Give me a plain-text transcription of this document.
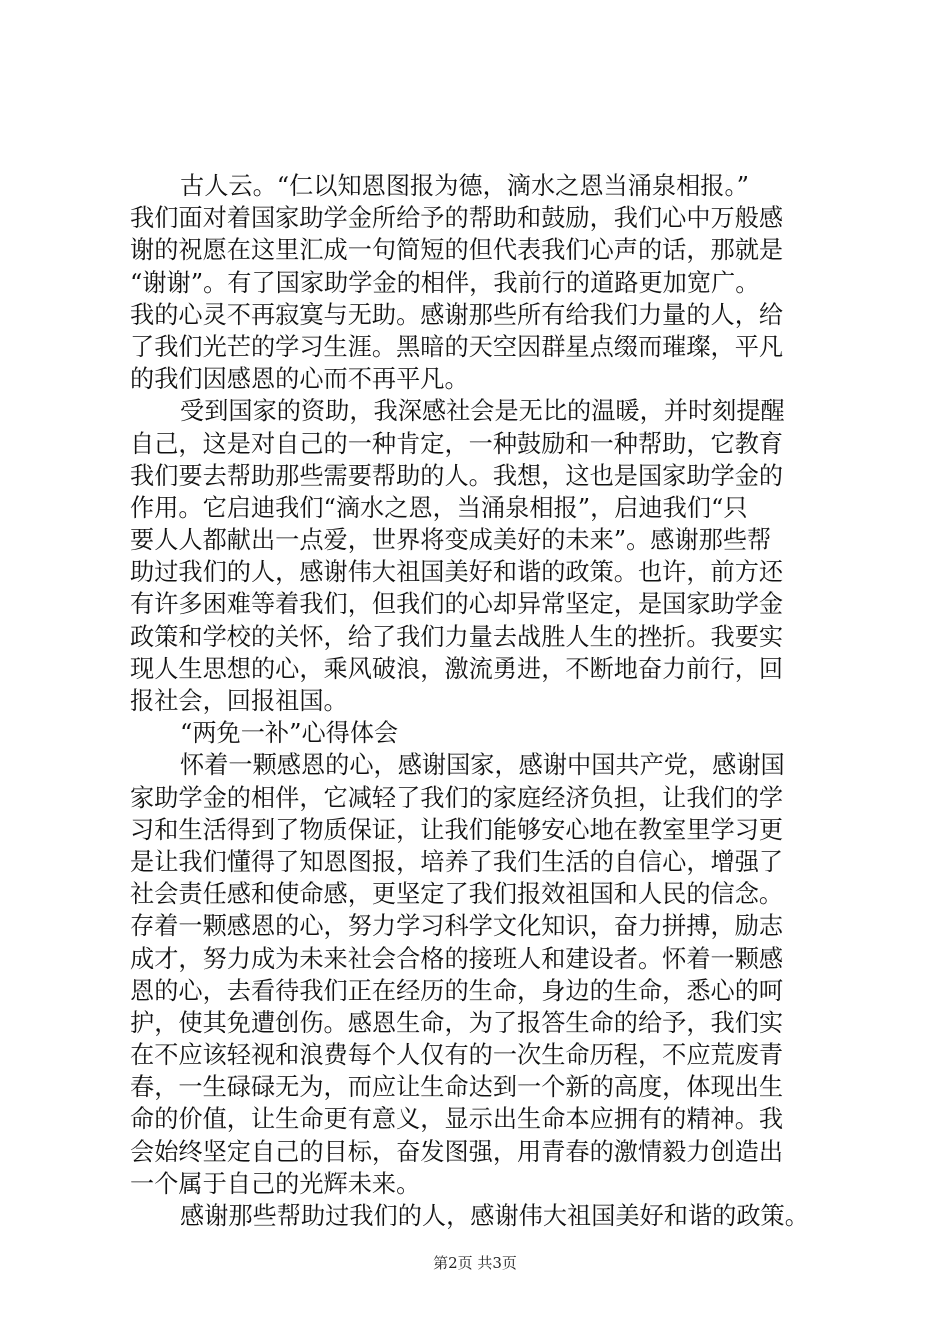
古人云。“仁以知恩图报为德，滴水之恩当涌泉相报。”
我们面对着国家助学金所给予的帮助和鼓励，我们心中万般感
谢的祝愿在这里汇成一句简短的但代表我们心声的话，那就是
“谢谢”。有了国家助学金的相伴，我前行的道路更加宽广。
我的心灵不再寂寞与无助。感谢那些所有给我们力量的人，给
了我们光芒的学习生涯。黑暗的天空因群星点缀而璀璨，平凡
的我们因感恩的心而不再平凡。
受到国家的资助，我深感社会是无比的温暖，并时刻提醒
自己，这是对自己的一种肯定，一种鼓励和一种帮助，它教育
我们要去帮助那些需要帮助的人。我想，这也是国家助学金的
作用。它启迪我们“滴水之恩，当涌泉相报”，启迪我们“只
要人人都献出一点爱，世界将变成美好的未来”。感谢那些帮
助过我们的人，感谢伟大祖国美好和谐的政策。也许，前方还
有许多困难等着我们，但我们的心却异常坚定，是国家助学金
政策和学校的关怀，给了我们力量去战胜人生的挫折。我要实
现人生思想的心，乘风破浪，激流勇进，不断地奋力前行，回
报社会，回报祖国。
“两免一补”心得体会
怀着一颗感恩的心，感谢国家，感谢中国共产党，感谢国
家助学金的相伴，它减轻了我们的家庭经济负担，让我们的学
习和生活得到了物质保证，让我们能够安心地在教室里学习更
是让我们懂得了知恩图报，培养了我们生活的自信心，增强了
社会责任感和使命感，更坚定了我们报效祖国和人民的信念。
存着一颗感恩的心，努力学习科学文化知识，奋力拼搏，励志
成才，努力成为未来社会合格的接班人和建设者。怀着一颗感
恩的心，去看待我们正在经历的生命，身边的生命，悉心的呵
护，使其免遭创伤。感恩生命，为了报答生命的给予，我们实
在不应该轻视和浪费每个人仅有的一次生命历程，不应荒废青
春，一生碌碌无为，而应让生命达到一个新的高度，体现出生
命的价值，让生命更有意义，显示出生命本应拥有的精神。我
会始终坚定自己的目标，奋发图强，用青春的激情毅力创造出
一个属于自己的光辉未来。
感谢那些帮助过我们的人，感谢伟大祖国美好和谐的政策。
第2页 共3页
